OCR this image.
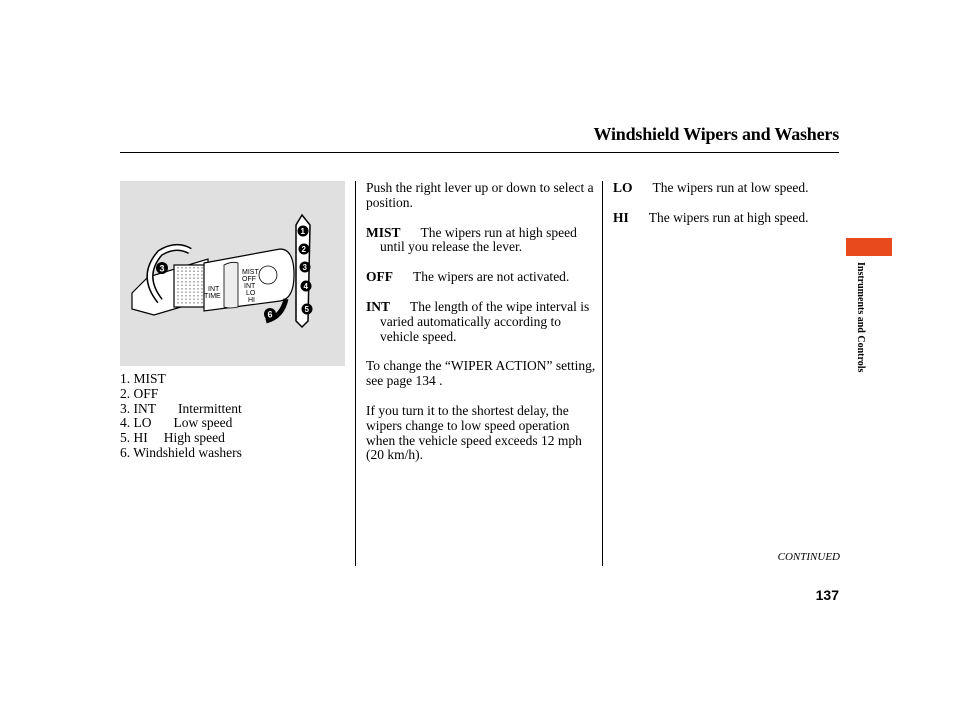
Windshield Wipers and Washers
INT
TIME
MIST
OFF
INT
LO
HI
3
6
1
2
3
4
5
1. MIST
2. OFF
3. INT Intermittent
4. LO Low speed
5. HI High speed
6. Windshield washers

Push the right lever up or down to select a position.

MIST The wipers run at high speed until you release the lever.

OFF The wipers are not activated.

INT The length of the wipe interval is varied automatically according to vehicle speed.

To change the “WIPER ACTION” setting, see page 134 .

If you turn it to the shortest delay, the wipers change to low speed operation when the vehicle speed exceeds 12 mph (20 km/h).

LO The wipers run at low speed.

HI The wipers run at high speed.

Instruments and Controls
CONTINUED
137
